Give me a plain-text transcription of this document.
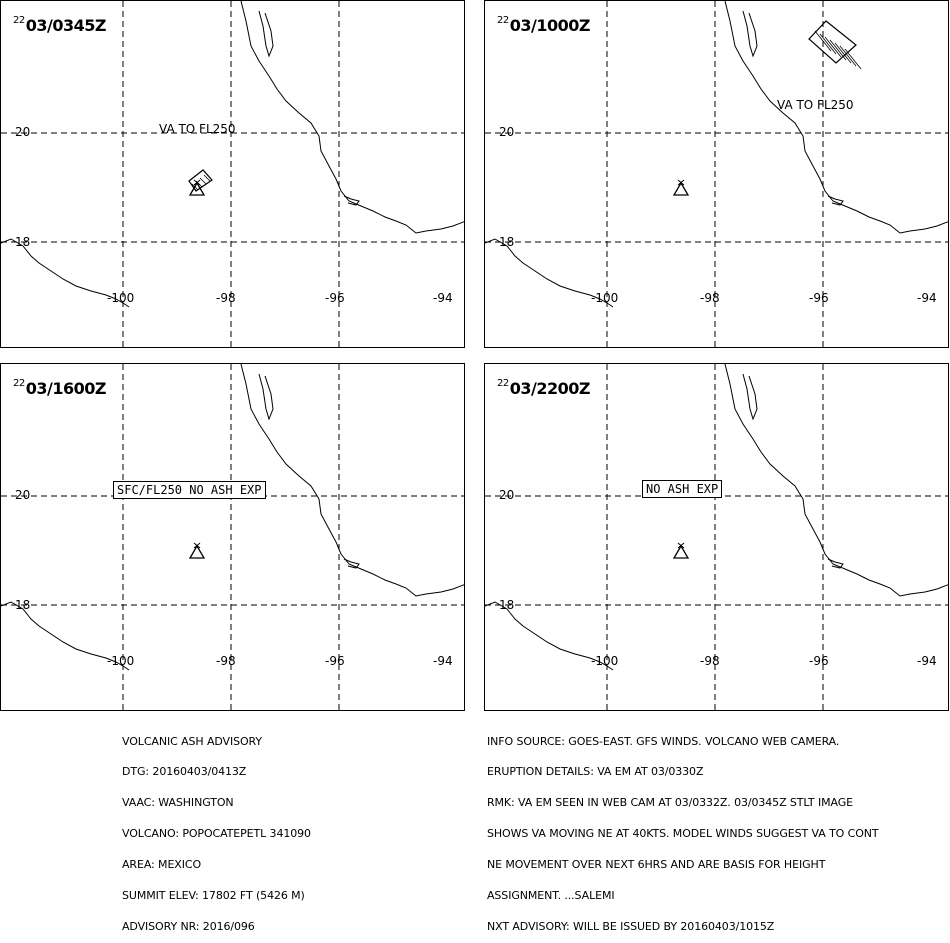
$^{22}$03/0345Z
20
18
-100	-98	-96	-94
VA TO FL250
$^{22}$03/1000Z
20
18
-100	-98	-96	-94
VA TO FL250
$^{22}$03/1600Z
20
18
-100	-98	-96	-94
SFC/FL250 NO ASH EXP
$^{22}$03/2200Z
20
18
-100	-98	-96	-94
NO ASH EXP

VOLCANIC ASH ADVISORY

DTG: 20160403/0413Z

VAAC: WASHINGTON

VOLCANO: POPOCATEPETL 341090

AREA: MEXICO

SUMMIT ELEV: 17802 FT (5426 M)

ADVISORY NR: 2016/096

INFO SOURCE: GOES-EAST. GFS WINDS. VOLCANO WEB CAMERA.

ERUPTION DETAILS: VA EM AT 03/0330Z

RMK: VA EM SEEN IN WEB CAM AT 03/0332Z. 03/0345Z STLT IMAGE

SHOWS VA MOVING NE AT 40KTS. MODEL WINDS SUGGEST VA TO CONT

NE MOVEMENT OVER NEXT 6HRS AND ARE BASIS FOR HEIGHT

ASSIGNMENT. ...SALEMI

NXT ADVISORY: WILL BE ISSUED BY 20160403/1015Z
